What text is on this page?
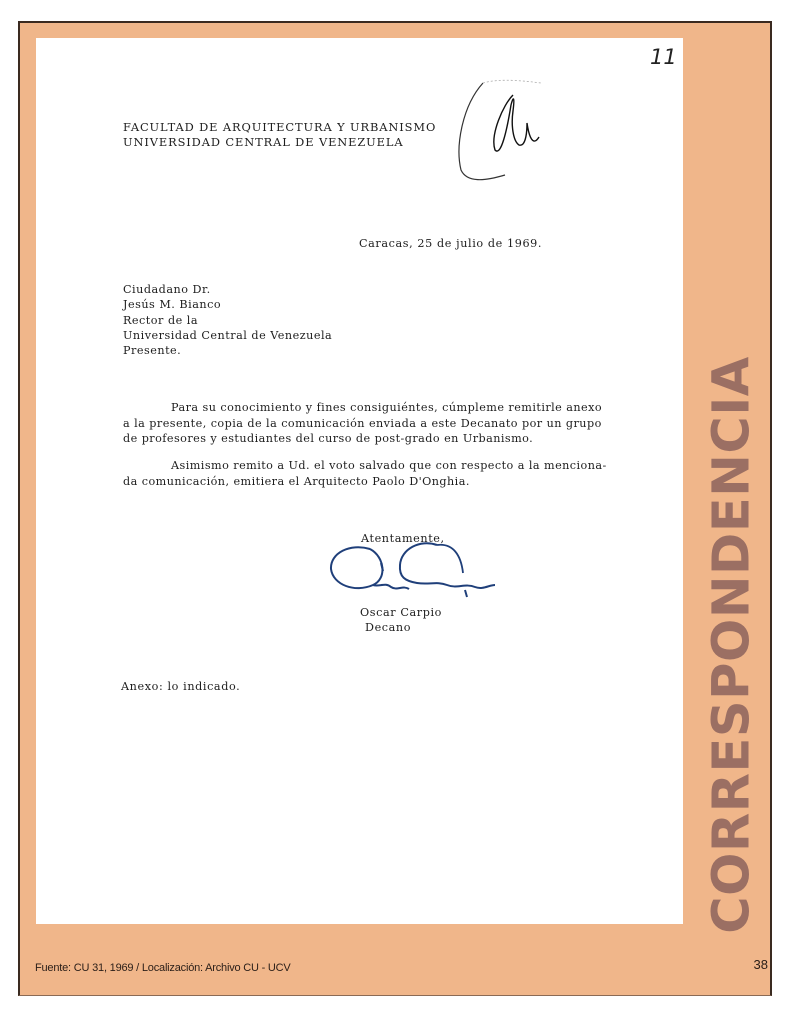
11
FACULTAD DE ARQUITECTURA Y URBANISMO
UNIVERSIDAD CENTRAL DE VENEZUELA
Caracas, 25 de julio de 1969.
Ciudadano Dr.
Jesús M. Bianco
Rector de la
Universidad Central de Venezuela
Presente.
Para su conocimiento y fines consiguiéntes, cúmpleme remitirle anexo
a la presente, copia de la comunicación enviada a este Decanato por un grupo
de profesores y estudiantes del curso de post-grado en Urbanismo.
Asimismo remito a Ud. el voto salvado que con respecto a la menciona-
da comunicación, emitiera el Arquitecto Paolo D'Onghia.
Atentamente,
Oscar Carpio
Decano
Anexo: lo indicado.	CORRESPONDENCIA
Fuente: CU 31, 1969 / Localización: Archivo CU - UCV	38
